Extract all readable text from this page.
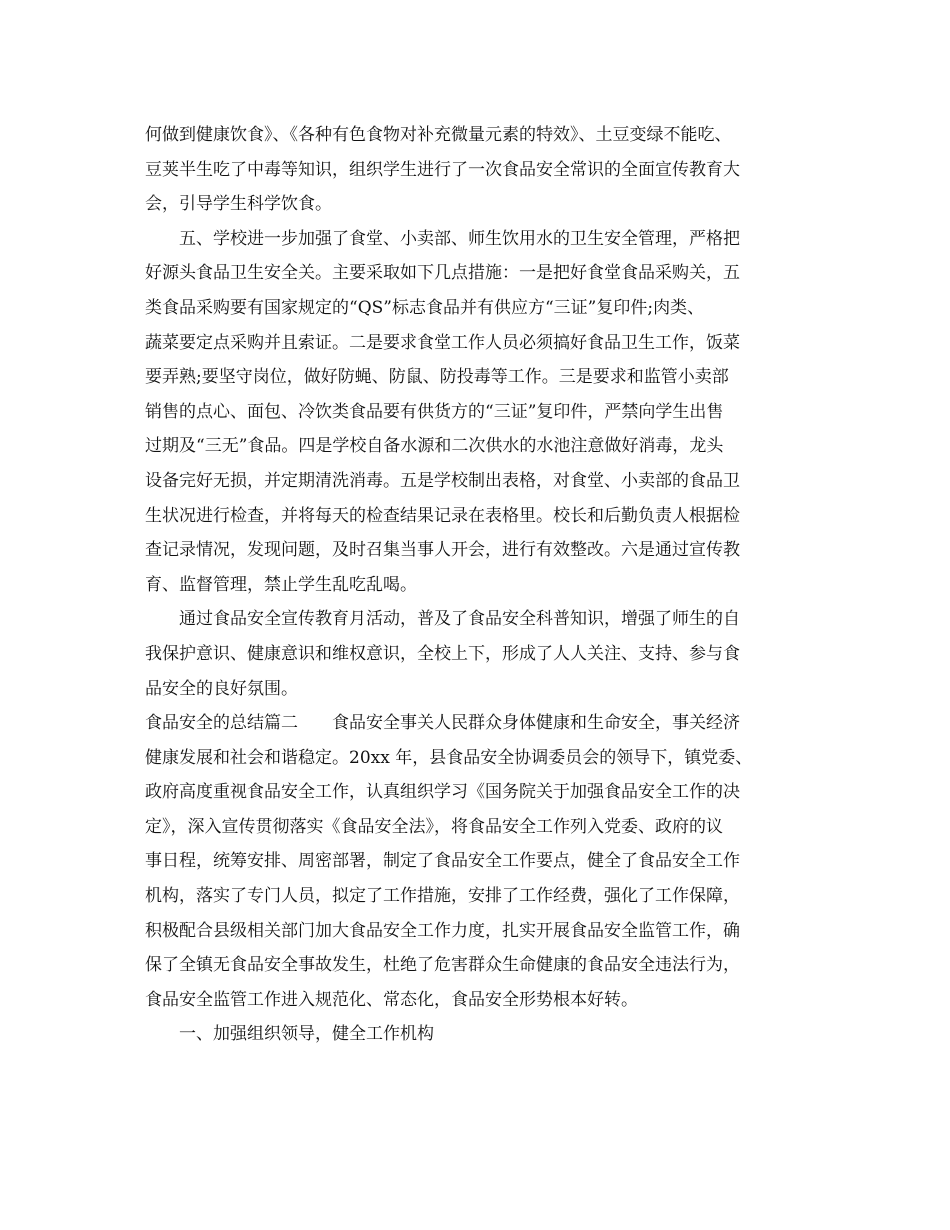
何做到健康饮食》、《各种有色食物对补充微量元素的特效》、土豆变绿不能吃、
豆荚半生吃了中毒等知识，组织学生进行了一次食品安全常识的全面宣传教育大
会，引导学生科学饮食。
五、学校进一步加强了食堂、小卖部、师生饮用水的卫生安全管理，严格把
好源头食品卫生安全关。主要采取如下几点措施：一是把好食堂食品采购关，五
类食品采购要有国家规定的“QS”标志食品并有供应方“三证”复印件;肉类、
蔬菜要定点采购并且索证。二是要求食堂工作人员必须搞好食品卫生工作，饭菜
要弄熟;要坚守岗位，做好防蝇、防鼠、防投毒等工作。三是要求和监管小卖部
销售的点心、面包、冷饮类食品要有供货方的“三证”复印件，严禁向学生出售
过期及“三无”食品。四是学校自备水源和二次供水的水池注意做好消毒，龙头
设备完好无损，并定期清洗消毒。五是学校制出表格，对食堂、小卖部的食品卫
生状况进行检查，并将每天的检查结果记录在表格里。校长和后勤负责人根据检
查记录情况，发现问题，及时召集当事人开会，进行有效整改。六是通过宣传教
育、监督管理，禁止学生乱吃乱喝。
通过食品安全宣传教育月活动，普及了食品安全科普知识，增强了师生的自
我保护意识、健康意识和维权意识，全校上下，形成了人人关注、支持、参与食
品安全的良好氛围。
食品安全的总结篇二　　食品安全事关人民群众身体健康和生命安全，事关经济
健康发展和社会和谐稳定。20xx 年，县食品安全协调委员会的领导下，镇党委、
政府高度重视食品安全工作，认真组织学习《国务院关于加强食品安全工作的决
定》，深入宣传贯彻落实《食品安全法》，将食品安全工作列入党委、政府的议
事日程，统筹安排、周密部署，制定了食品安全工作要点，健全了食品安全工作
机构，落实了专门人员，拟定了工作措施，安排了工作经费，强化了工作保障，
积极配合县级相关部门加大食品安全工作力度，扎实开展食品安全监管工作，确
保了全镇无食品安全事故发生，杜绝了危害群众生命健康的食品安全违法行为，
食品安全监管工作进入规范化、常态化，食品安全形势根本好转。
一、加强组织领导，健全工作机构
